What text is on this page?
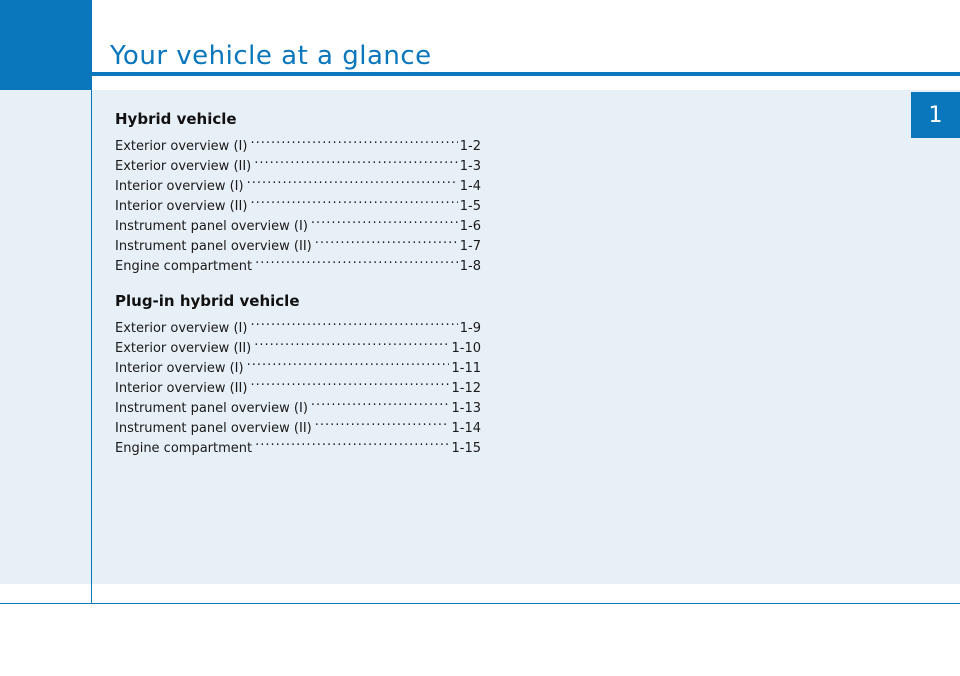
Your vehicle at a glance
1
Hybrid vehicle
Exterior overview (I) .....	1-2
Exterior overview (II) .....	1-3
Interior overview (I) .....	1-4
Interior overview (II) .....	1-5
Instrument panel overview (I) .....	1-6
Instrument panel overview (II) .....	1-7
Engine compartment .....	1-8
Plug-in hybrid vehicle
Exterior overview (I) .....	1-9
Exterior overview (II) .....	1-10
Interior overview (I) .....	1-11
Interior overview (II) .....	1-12
Instrument panel overview (I) .....	1-13
Instrument panel overview (II) .....	1-14
Engine compartment .....	1-15
